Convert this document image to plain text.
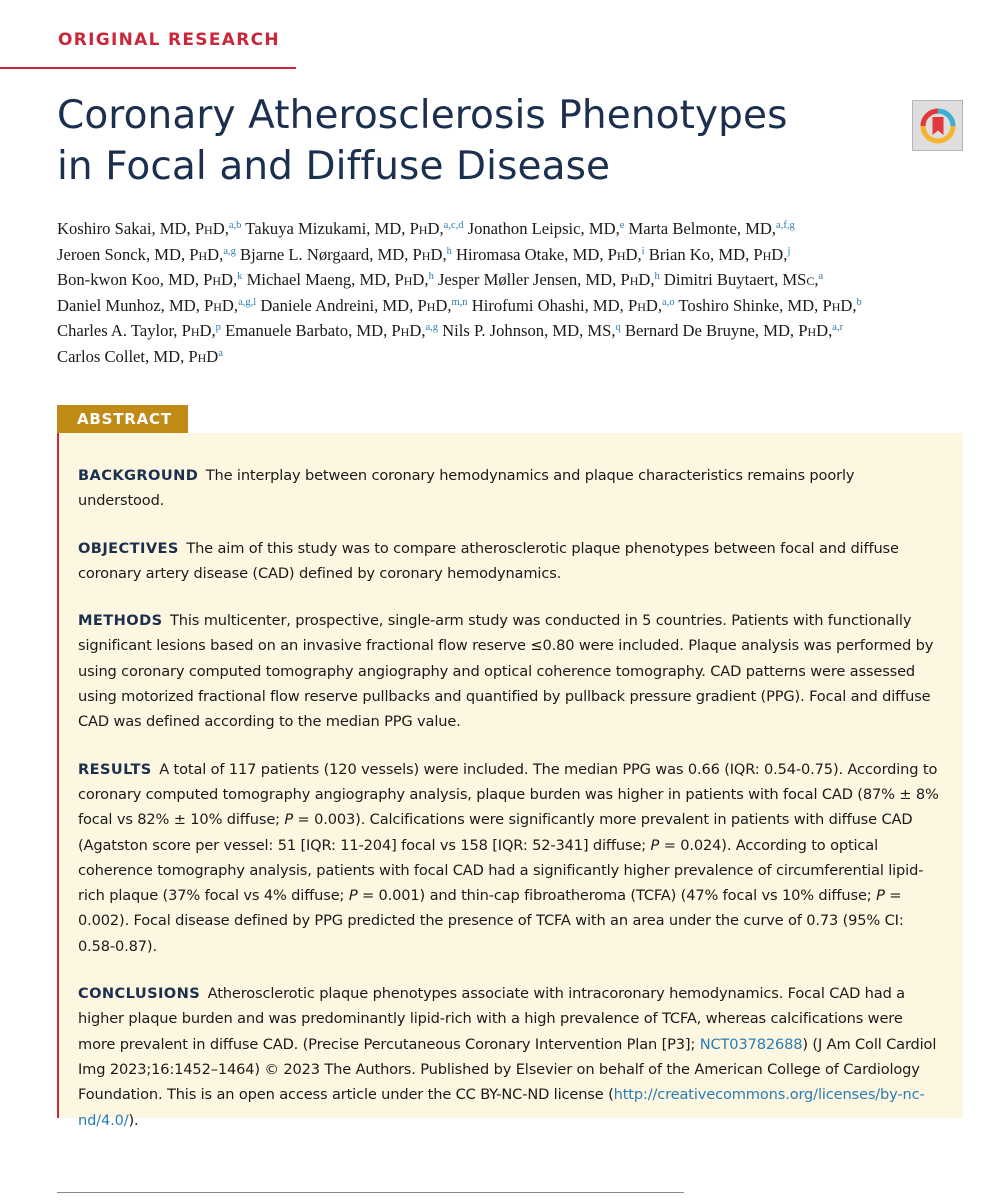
ORIGINAL RESEARCH
Coronary Atherosclerosis Phenotypes
in Focal and Diffuse Disease
Koshiro Sakai, MD, PhD,$^{a,b}$ Takuya Mizukami, MD, PhD,$^{a,c,d}$ Jonathon Leipsic, MD,$^e$ Marta Belmonte, MD,$^{a,f,g}$ Jeroen Sonck, MD, PhD,$^{a,g}$ Bjarne L. Nørgaard, MD, PhD,$^h$ Hiromasa Otake, MD, PhD,$^i$ Brian Ko, MD, PhD,$^j$ Bon-kwon Koo, MD, PhD,$^k$ Michael Maeng, MD, PhD,$^h$ Jesper Møller Jensen, MD, PhD,$^h$ Dimitri Buytaert, MSc,$^a$ Daniel Munhoz, MD, PhD,$^{a,g,l}$ Daniele Andreini, MD, PhD,$^{m,n}$ Hirofumi Ohashi, MD, PhD,$^{a,o}$ Toshiro Shinke, MD, PhD,$^b$ Charles A. Taylor, PhD,$^p$ Emanuele Barbato, MD, PhD,$^{a,g}$ Nils P. Johnson, MD, MS,$^q$ Bernard De Bruyne, MD, PhD,$^{a,r}$ Carlos Collet, MD, PhD$^a$
ABSTRACT

BACKGROUND The interplay between coronary hemodynamics and plaque characteristics remains poorly understood.

OBJECTIVES The aim of this study was to compare atherosclerotic plaque phenotypes between focal and diffuse coronary artery disease (CAD) defined by coronary hemodynamics.

METHODS This multicenter, prospective, single-arm study was conducted in 5 countries. Patients with functionally significant lesions based on an invasive fractional flow reserve ≤0.80 were included. Plaque analysis was performed by using coronary computed tomography angiography and optical coherence tomography. CAD patterns were assessed using motorized fractional flow reserve pullbacks and quantified by pullback pressure gradient (PPG). Focal and diffuse CAD was defined according to the median PPG value.

RESULTS A total of 117 patients (120 vessels) were included. The median PPG was 0.66 (IQR: 0.54-0.75). According to coronary computed tomography angiography analysis, plaque burden was higher in patients with focal CAD (87% ± 8% focal vs 82% ± 10% diffuse; P = 0.003). Calcifications were significantly more prevalent in patients with diffuse CAD (Agatston score per vessel: 51 [IQR: 11-204] focal vs 158 [IQR: 52-341] diffuse; P = 0.024). According to optical coherence tomography analysis, patients with focal CAD had a significantly higher prevalence of circumferential lipid-rich plaque (37% focal vs 4% diffuse; P = 0.001) and thin-cap fibroatheroma (TCFA) (47% focal vs 10% diffuse; P = 0.002). Focal disease defined by PPG predicted the presence of TCFA with an area under the curve of 0.73 (95% CI: 0.58-0.87).

CONCLUSIONS Atherosclerotic plaque phenotypes associate with intracoronary hemodynamics. Focal CAD had a higher plaque burden and was predominantly lipid-rich with a high prevalence of TCFA, whereas calcifications were more prevalent in diffuse CAD. (Precise Percutaneous Coronary Intervention Plan [P3]; NCT03782688) (J Am Coll Cardiol Img 2023;16:1452–1464) © 2023 The Authors. Published by Elsevier on behalf of the American College of Cardiology Foundation. This is an open access article under the CC BY-NC-ND license (http://creativecommons.org/licenses/by-nc-nd/4.0/).
